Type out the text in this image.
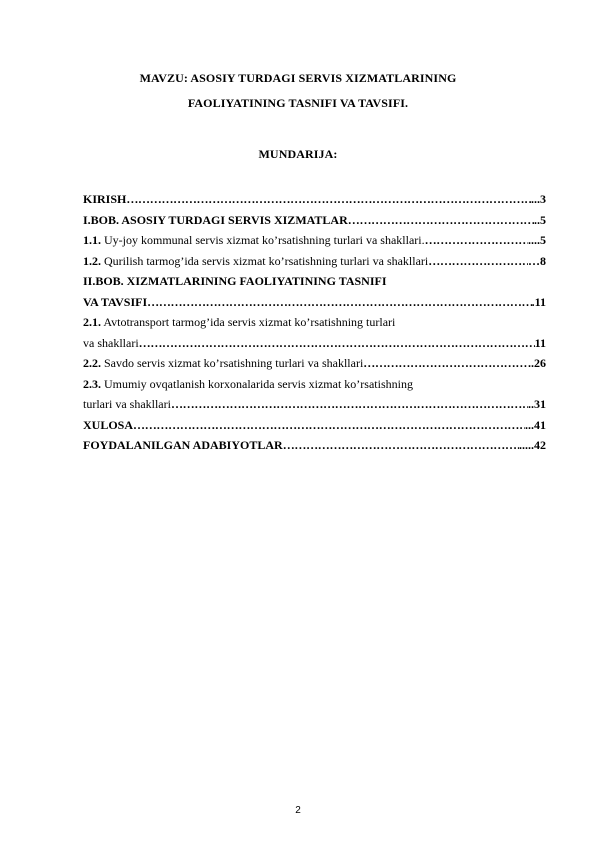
MAVZU: ASOSIY TURDAGI SERVIS XIZMATLARINING
FAOLIYATINING TASNIFI VA TAVSIFI.
MUNDARIJA:
KIRISH ………………………………………………………………………………………………………………………………………	...3
I.BOB. ASOSIY TURDAGI SERVIS XIZMATLAR ………………………………………………………………………………………………………………………………………	..5
1.1. Uy-joy kommunal servis xizmat ko’rsatishning turlari va shakllari. ………………………………………………………………………………………………………………………………………	....5
1.2. Qurilish tarmog’ida servis xizmat ko’rsatishning turlari va shakllari ………………………………………………………………………………………………………………………………………	…8
II.BOB. XIZMATLARINING FAOLIYATINING TASNIFI
VA TAVSIFI ………………………………………………………………………………………………………………………………………	.11
2.1. Avtotransport tarmog’ida servis xizmat ko’rsatishning turlari
va shakllari ………………………………………………………………………………………………………………………………………	11
2.2. Savdo servis xizmat ko’rsatishning turlari va shakllari ………………………………………………………………………………………………………………………………………	..26
2.3. Umumiy ovqatlanish korxonalarida servis xizmat ko’rsatishning
turlari va shakllari ………………………………………………………………………………………………………………………………………	..31
XULOSA ………………………………………………………………………………………………………………………………………	...41
FOYDALANILGAN ADABIYOTLAR ………………………………………………………………………………………………………………………………………	.....42
2
